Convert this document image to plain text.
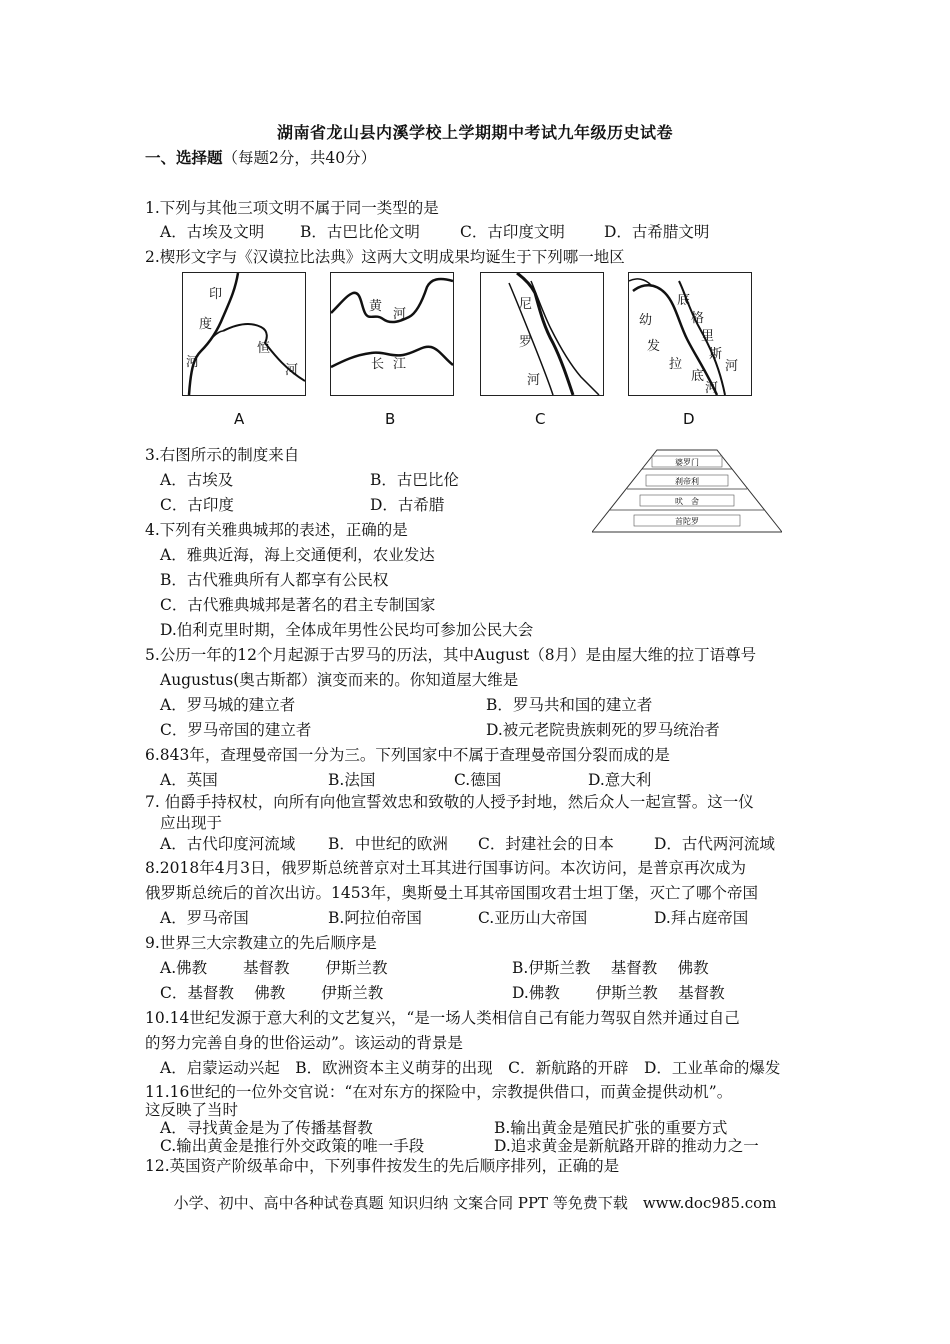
湖南省龙山县内溪学校上学期期中考试九年级历史试卷
一、选择题（每题2分，共40分）
1.下列与其他三项文明不属于同一类型的是
A．古埃及文明 B．古巴比伦文明	C．古印度文明	D．古希腊文明
2.楔形文字与《汉谟拉比法典》这两大文明成果均诞生于下列哪一地区
印
度
河
恒
河
A
黄
河
长 江
B
尼
罗
河
C
底
格
里
斯
河
幼
发
拉
底
河
D
3.右图所示的制度来自
A．古埃及	B．古巴比伦
C．古印度	D．古希腊
婆罗门
刹帝利
吠　舍
首陀罗
4.下列有关雅典城邦的表述，正确的是
A．雅典近海，海上交通便利，农业发达
B．古代雅典所有人都享有公民权
C．古代雅典城邦是著名的君主专制国家
D.伯利克里时期，全体成年男性公民均可参加公民大会
5.公历一年的12个月起源于古罗马的历法，其中August（8月）是由屋大维的拉丁语尊号
Augustus(奥古斯都）演变而来的。你知道屋大维是
A．罗马城的建立者	B．罗马共和国的建立者
C．罗马帝国的建立者	D.被元老院贵族刺死的罗马统治者
6.843年，查理曼帝国一分为三。下列国家中不属于查理曼帝国分裂而成的是
A．英国	B.法国	C.德国	D.意大利
7. 伯爵手持权杖，向所有向他宣誓效忠和致敬的人授予封地，然后众人一起宣誓。这一仪
应出现于
A．古代印度河流域 B．中世纪的欧洲 C．封建社会的日本	D．古代两河流域
8.2018年4月3日，俄罗斯总统普京对土耳其进行国事访问。本次访问，是普京再次成为
俄罗斯总统后的首次出访。1453年，奥斯曼土耳其帝国围攻君士坦丁堡，灭亡了哪个帝国
A．罗马帝国	B.阿拉伯帝国	C.亚历山大帝国	D.拜占庭帝国
9.世界三大宗教建立的先后顺序是
A.佛教　　 基督教　　 伊斯兰教	B.伊斯兰教　 基督教　 佛教
C．基督教　 佛教　　 伊斯兰教	D.佛教　　 伊斯兰教　 基督教
10.14世纪发源于意大利的文艺复兴，“是一场人类相信自己有能力驾驭自然并通过自己
的努力完善自身的世俗运动”。该运动的背景是
A．启蒙运动兴起　B．欧洲资本主义萌芽的出现　C．新航路的开辟　D．工业革命的爆发
11.16世纪的一位外交官说：“在对东方的探险中，宗教提供借口，而黄金提供动机”。
这反映了当时
A．寻找黄金是为了传播基督教	B.输出黄金是殖民扩张的重要方式
C.输出黄金是推行外交政策的唯一手段	D.追求黄金是新航路开辟的推动力之一
12.英国资产阶级革命中，下列事件按发生的先后顺序排列，正确的是
小学、初中、高中各种试卷真题 知识归纳 文案合同 PPT 等免费下载　www.doc985.com
